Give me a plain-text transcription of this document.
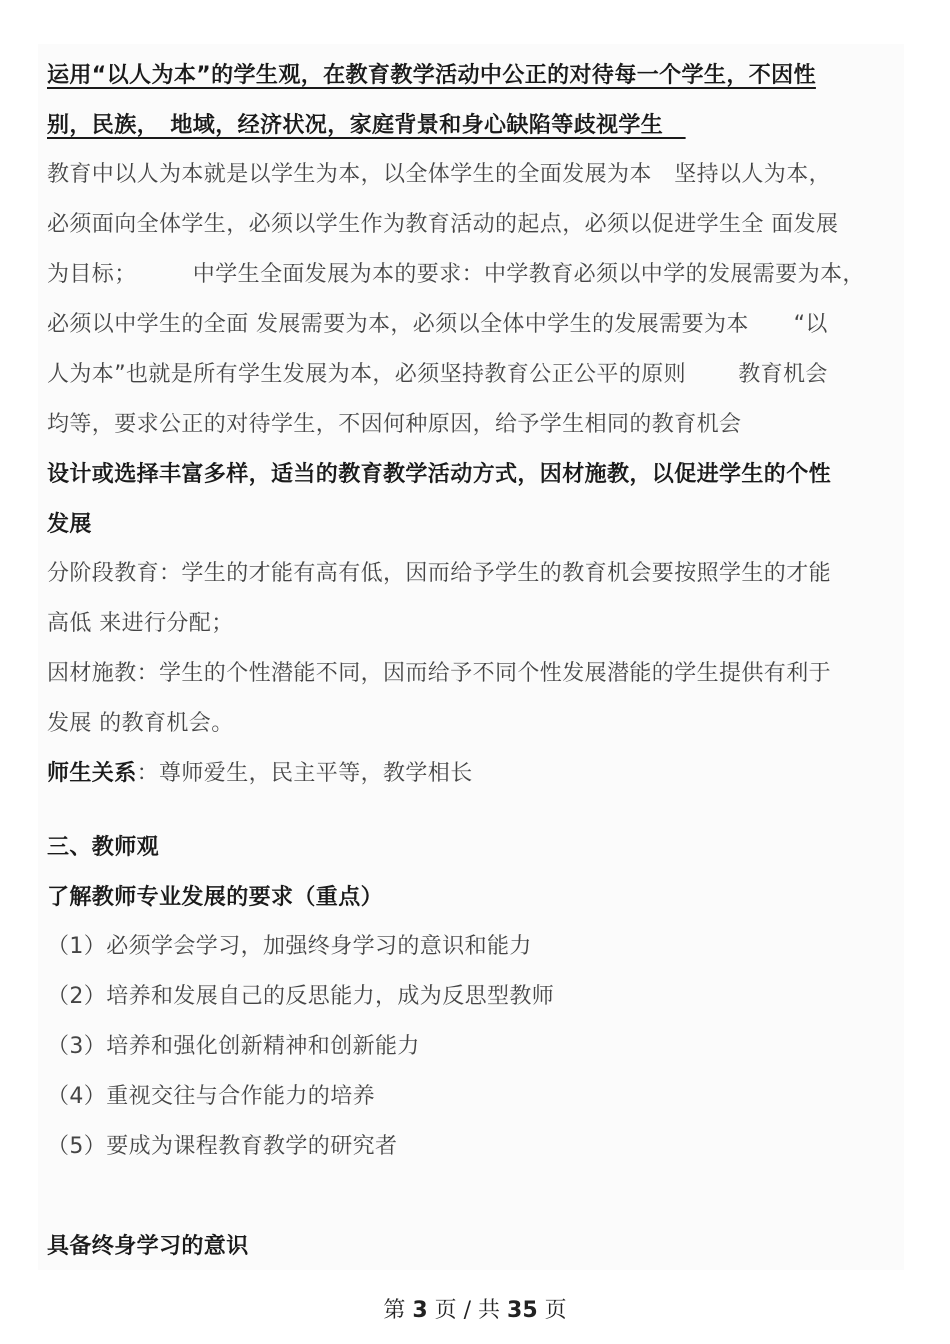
运用“以人为本”的学生观，在教育教学活动中公正的对待每一个学生，不因性
别，民族，　地域，经济状况，家庭背景和身心缺陷等歧视学生　
教育中以人为本就是以学生为本，以全体学生的全面发展为本　坚持以人为本，
必须面向全体学生，必须以学生作为教育活动的起点，必须以促进学生全 面发展
为目标；　　　中学生全面发展为本的要求：中学教育必须以中学的发展需要为本，
必须以中学生的全面 发展需要为本，必须以全体中学生的发展需要为本　　“以
人为本”也就是所有学生发展为本，必须坚持教育公正公平的原则　　 教育机会
均等，要求公正的对待学生，不因何种原因，给予学生相同的教育机会
设计或选择丰富多样，适当的教育教学活动方式，因材施教，以促进学生的个性
发展
分阶段教育：学生的才能有高有低，因而给予学生的教育机会要按照学生的才能
高低 来进行分配；
因材施教：学生的个性潜能不同，因而给予不同个性发展潜能的学生提供有利于
发展 的教育机会。
师生关系：尊师爱生，民主平等，教学相长
三、教师观
了解教师专业发展的要求（重点）
（1）必须学会学习，加强终身学习的意识和能力
（2）培养和发展自己的反思能力，成为反思型教师
（3）培养和强化创新精神和创新能力
（4）重视交往与合作能力的培养
（5）要成为课程教育教学的研究者
具备终身学习的意识
第 3 页 / 共 35 页
